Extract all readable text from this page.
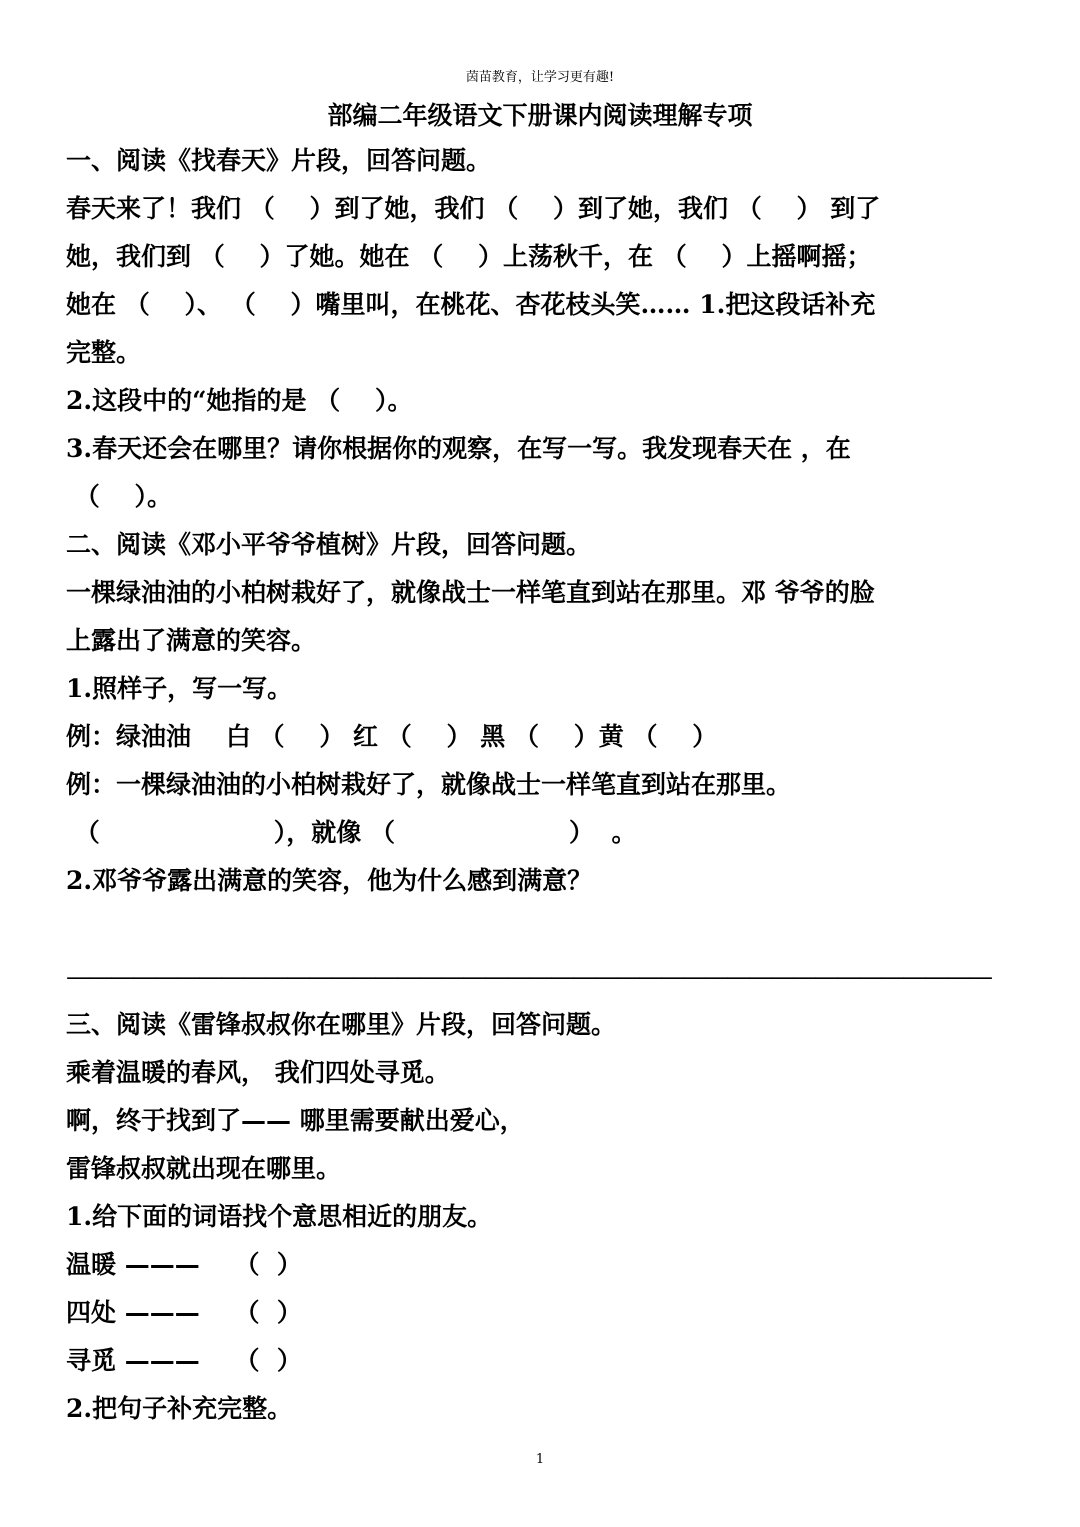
茵苗教育，让学习更有趣!
部编二年级语文下册课内阅读理解专项
一、阅读《找春天》片段，回答问题。
春天来了！我们 （    ）到了她，我们 （    ）到了她，我们 （    ） 到了
她，我们到 （    ）了她。她在 （    ）上荡秋千，在 （    ）上摇啊摇；
她在 （    ）、 （    ）嘴里叫，在桃花、杏花枝头笑…… 1.把这段话补充
完整。
2.这段中的“她指的是 （    ）。
3.春天还会在哪里？请你根据你的观察，在写一写。我发现春天在 ，在
（    ）。
二、阅读《邓小平爷爷植树》片段，回答问题。
一棵绿油油的小柏树栽好了，就像战士一样笔直到站在那里。邓 爷爷的脸
上露出了满意的笑容。
1.照样子，写一写。
例：绿油油    白 （    ） 红 （    ） 黑 （    ）黄 （    ）
例：一棵绿油油的小柏树栽好了，就像战士一样笔直到站在那里。
（                    ），就像 （                    ）  。
2.邓爷爷露出满意的笑容，他为什么感到满意？
——————————————————————————————————————————
三、阅读《雷锋叔叔你在哪里》片段，回答问题。
乘着温暖的春风， 我们四处寻觅。
啊，终于找到了—— 哪里需要献出爱心，
雷锋叔叔就出现在哪里。
1.给下面的词语找个意思相近的朋友。
温暖 ———    （  ）
四处 ———    （  ）
寻觅 ———    （  ）
2.把句子补充完整。
1
